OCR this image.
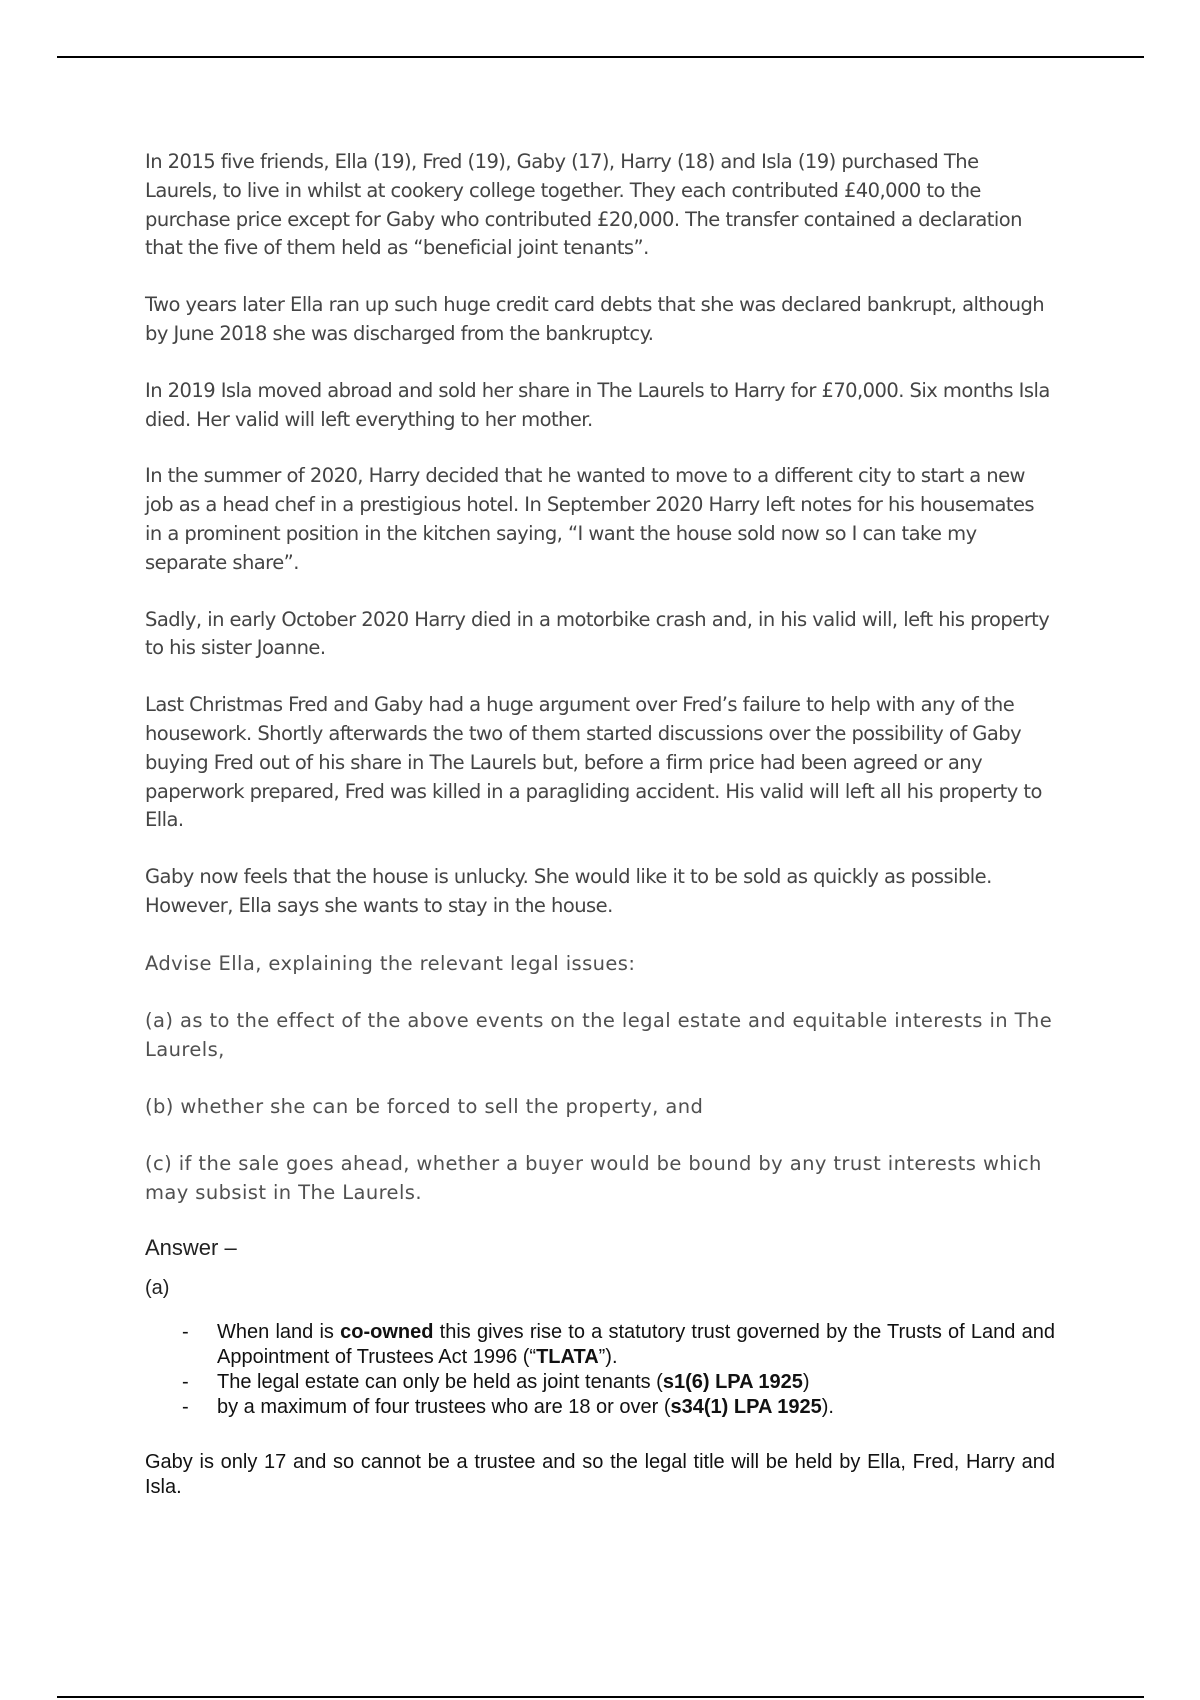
In 2015 five friends, Ella (19), Fred (19), Gaby (17), Harry (18) and Isla (19) purchased The Laurels, to live in whilst at cookery college together. They each contributed £40,000 to the purchase price except for Gaby who contributed £20,000. The transfer contained a declaration that the five of them held as “beneficial joint tenants”.

Two years later Ella ran up such huge credit card debts that she was declared bankrupt, although by June 2018 she was discharged from the bankruptcy.

In 2019 Isla moved abroad and sold her share in The Laurels to Harry for £70,000. Six months Isla died. Her valid will left everything to her mother.

In the summer of 2020, Harry decided that he wanted to move to a different city to start a new job as a head chef in a prestigious hotel. In September 2020 Harry left notes for his housemates in a prominent position in the kitchen saying, “I want the house sold now so I can take my separate share”.

Sadly, in early October 2020 Harry died in a motorbike crash and, in his valid will, left his property to his sister Joanne.

Last Christmas Fred and Gaby had a huge argument over Fred’s failure to help with any of the housework. Shortly afterwards the two of them started discussions over the possibility of Gaby buying Fred out of his share in The Laurels but, before a firm price had been agreed or any paperwork prepared, Fred was killed in a paragliding accident. His valid will left all his property to Ella.

Gaby now feels that the house is unlucky. She would like it to be sold as quickly as possible. However, Ella says she wants to stay in the house.

Advise Ella, explaining the relevant legal issues:

(a) as to the effect of the above events on the legal estate and equitable interests in The Laurels,

(b) whether she can be forced to sell the property, and

(c) if the sale goes ahead, whether a buyer would be bound by any trust interests which may subsist in The Laurels.

Answer –
(a)
- When land is co-owned this gives rise to a statutory trust governed by the Trusts of Land and Appointment of Trustees Act 1996 (“TLATA”).
- The legal estate can only be held as joint tenants (s1(6) LPA 1925)
- by a maximum of four trustees who are 18 or over (s34(1) LPA 1925).

Gaby is only 17 and so cannot be a trustee and so the legal title will be held by Ella, Fred, Harry and Isla.
